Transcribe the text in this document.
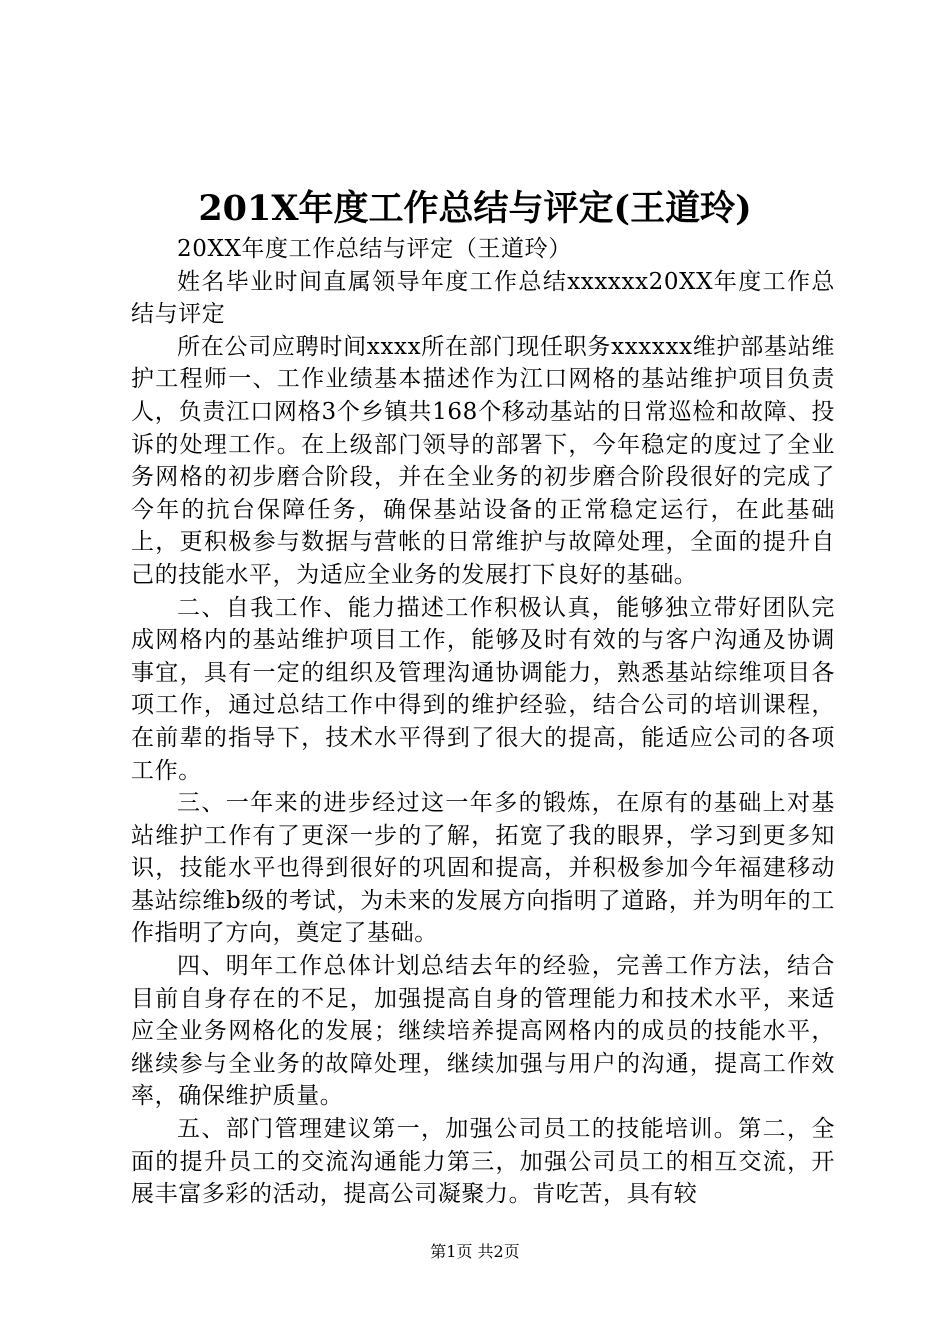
201X年度工作总结与评定(王道玲)

20XX年度工作总结与评定（王道玲）

姓名毕业时间直属领导年度工作总结xxxxxx20XX年度工作总结与评定

所在公司应聘时间xxxx所在部门现任职务xxxxxx维护部基站维护工程师一、工作业绩基本描述作为江口网格的基站维护项目负责人，负责江口网格3个乡镇共168个移动基站的日常巡检和故障、投诉的处理工作。在上级部门领导的部署下，今年稳定的度过了全业务网格的初步磨合阶段，并在全业务的初步磨合阶段很好的完成了今年的抗台保障任务，确保基站设备的正常稳定运行，在此基础上，更积极参与数据与营帐的日常维护与故障处理，全面的提升自己的技能水平，为适应全业务的发展打下良好的基础。

二、自我工作、能力描述工作积极认真，能够独立带好团队完成网格内的基站维护项目工作，能够及时有效的与客户沟通及协调事宜，具有一定的组织及管理沟通协调能力，熟悉基站综维项目各项工作，通过总结工作中得到的维护经验，结合公司的培训课程，在前辈的指导下，技术水平得到了很大的提高，能适应公司的各项工作。

三、一年来的进步经过这一年多的锻炼，在原有的基础上对基站维护工作有了更深一步的了解，拓宽了我的眼界，学习到更多知识，技能水平也得到很好的巩固和提高，并积极参加今年福建移动基站综维b级的考试，为未来的发展方向指明了道路，并为明年的工作指明了方向，奠定了基础。

四、明年工作总体计划总结去年的经验，完善工作方法，结合目前自身存在的不足，加强提高自身的管理能力和技术水平，来适应全业务网格化的发展；继续培养提高网格内的成员的技能水平，继续参与全业务的故障处理，继续加强与用户的沟通，提高工作效率，确保维护质量。

五、部门管理建议第一，加强公司员工的技能培训。第二，全面的提升员工的交流沟通能力第三，加强公司员工的相互交流，开展丰富多彩的活动，提高公司凝聚力。肯吃苦，具有较

第1页 共2页
